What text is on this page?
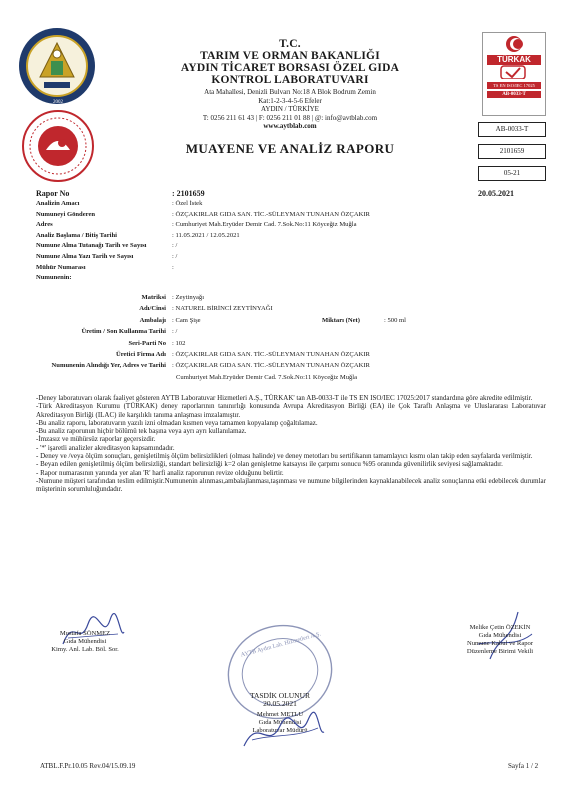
2002
T.C.
TARIM VE ORMAN BAKANLIĞI
AYDIN TİCARET BORSASI ÖZEL GIDA
KONTROL LABORATUVARI
Ata Mahallesi, Denizli Bulvarı No:18 A Blok Bodrum Zemin
Kat:1-2-3-4-5-6 Efeler
AYDIN / TÜRKİYE
T: 0256 211 61 43 | F: 0256 211 01 88 | @: info@avtblab.com
www.aytblab.com
MUAYENE VE ANALİZ RAPORU
TÜRKAK
TS EN ISO/IEC 17025
AB-0033-T
AB-0033-T
2101659
05-21
Rapor No	: 2101659	20.05.2021
Analizin Amacı	: Özel İstek
Numuneyi Gönderen	: ÖZÇAKIRLAR GIDA SAN. TİC.-SÜLEYMAN TUNAHAN ÖZÇAKIR
Adres	: Cumhuriyet Mah.Eryüder Demir Cad. 7.Sok.No:11 Köyceğiz Muğla
Analiz Başlama / Bitiş Tarihi	: 11.05.2021 / 12.05.2021
Numune Alma Tutanağı Tarih ve Sayısı	: /
Numune Alma Yazı Tarih ve Sayısı	: /
Mühür Numarası	:
Numunenin:
Matriksi : Zeytinyağı
Adı/Cinsi : NATUREL BİRİNCİ ZEYTİNYAĞI
Ambalajı : Cam Şişe	Miktarı (Net)	: 500 ml
Üretim / Son Kullanma Tarihi : /
Seri-Parti No : 102
Üretici Firma Adı : ÖZÇAKIRLAR GIDA SAN. TİC.-SÜLEYMAN TUNAHAN ÖZÇAKIR
Numunenin Alındığı Yer, Adres ve Tarihi : ÖZÇAKIRLAR GIDA SAN. TİC.-SÜLEYMAN TUNAHAN ÖZÇAKIR
Cumhuriyet Mah.Eryüder Demir Cad. 7.Sok.No:11 Köyceğiz Muğla
-Deney laboratuvarı olarak faaliyet gösteren AYTB Laboratuvar Hizmetleri A.Ş., TÜRKAK' tan AB-0033-T ile TS EN ISO/IEC 17025:2017 standardına göre akredite edilmiştir.
-Türk Akreditasyon Kurumu (TÜRKAK) deney raporlarının tanınırlığı konusunda Avrupa Akreditasyon Birliği (EA) ile Çok Taraflı Anlaşma ve Uluslararası Laboratuvar Akreditasyon Birliği (ILAC) ile karşılıklı tanıma anlaşması imzalamıştır.
-Bu analiz raporu, laboratuvarın yazılı izni olmadan kısmen veya tamamen kopyalanıp çoğaltılamaz.
-Bu analiz raporunun hiçbir bölümü tek başına veya ayrı ayrı kullanılamaz.
-İmzasız ve mühürsüz raporlar geçersizdir.
- '*' işaretli analizler akreditasyon kapsamındadır.
- Deney ve /veya ölçüm sonuçları, genişletilmiş ölçüm belirsizlikleri (olması halinde) ve deney metotları bu sertifikanın tamamlayıcı kısmı olan takip eden sayfalarda verilmiştir.
- Beyan edilen genişletilmiş ölçüm belirsizliği, standart belirsizliği k=2 olan genişletme katsayısı ile çarpımı sonucu %95 oranında güvenilirlik seviyesi sağlamaktadır.
- Rapor numarasının yanında yer alan 'R' harfi analiz raporunun revize olduğunu belirtir.
-Numune müşteri tarafından teslim edilmiştir.Numunenin alınması,ambalajlanması,taşınması ve numune bilgilerinden kaynaklanabilecek analiz sonuçlarına etki edebilecek durumlar müşterinin sorumluluğundadır.
AYTB Aydın Lab. Hizmetleri A.Ş.
Mustafa SÖNMEZ
Gıda Mühendisi
Kimy. Anl. Lab. Böl. Sor.
Melike Çetin ÖZEKİN
Gıda Mühendisi
Numune Kabul ve Rapor
Düzenleme Birimi Vekili
TASDİK OLUNUR
20.05.2021
Mehmet METLU
Gıda Mühendisi
Laboratuvar Müdürü
ATBL.F.Pr.10.05 Rev.04/15.09.19	Sayfa 1 / 2
